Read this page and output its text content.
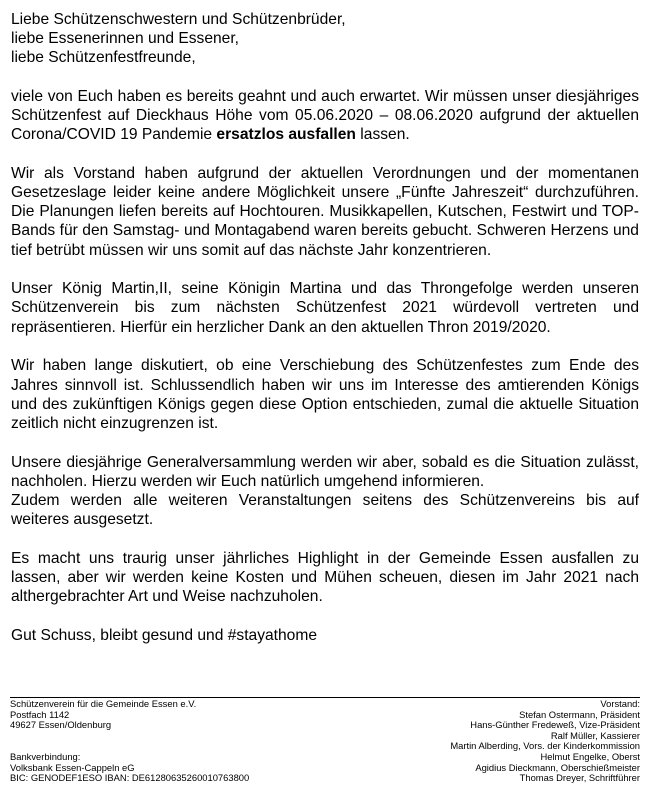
Liebe Schützenschwestern und Schützenbrüder,
liebe Essenerinnen und Essener,
liebe Schützenfestfreunde,

viele von Euch haben es bereits geahnt und auch erwartet. Wir müssen unser diesjähriges Schützenfest auf Dieckhaus Höhe vom 05.06.2020 – 08.06.2020 aufgrund der aktuellen Corona/COVID 19 Pandemie ersatzlos ausfallen lassen.

Wir als Vorstand haben aufgrund der aktuellen Verordnungen und der momentanen Gesetzeslage leider keine andere Möglichkeit unsere „Fünfte Jahreszeit“ durchzuführen. Die Planungen liefen bereits auf Hochtouren. Musikkapellen, Kutschen, Festwirt und TOP-Bands für den Samstag- und Montagabend waren bereits gebucht. Schweren Herzens und tief betrübt müssen wir uns somit auf das nächste Jahr konzentrieren.

Unser König Martin,II, seine Königin Martina und das Throngefolge werden unseren Schützenverein bis zum nächsten Schützenfest 2021 würdevoll vertreten und repräsentieren. Hierfür ein herzlicher Dank an den aktuellen Thron 2019/2020.

Wir haben lange diskutiert, ob eine Verschiebung des Schützenfestes zum Ende des Jahres sinnvoll ist. Schlussendlich haben wir uns im Interesse des amtierenden Königs und des zukünftigen Königs gegen diese Option entschieden, zumal die aktuelle Situation zeitlich nicht einzugrenzen ist.

Unsere diesjährige Generalversammlung werden wir aber, sobald es die Situation zulässt, nachholen. Hierzu werden wir Euch natürlich umgehend informieren.
Zudem werden alle weiteren Veranstaltungen seitens des Schützenvereins bis auf weiteres ausgesetzt.

Es macht uns traurig unser jährliches Highlight in der Gemeinde Essen ausfallen zu lassen, aber wir werden keine Kosten und Mühen scheuen, diesen im Jahr 2021 nach althergebrachter Art und Weise nachzuholen.

Gut Schuss, bleibt gesund und #stayathome

Schützenverein für die Gemeinde Essen e.V.
Postfach 1142
49627 Essen/Oldenburg
Bankverbindung:
Volksbank Essen-Cappeln eG
BIC: GENODEF1ESO IBAN: DE61280635260010763800
Vorstand:
Stefan Ostermann, Präsident
Hans-Günther Fredeweß, Vize-Präsident
Ralf Müller, Kassierer
Martin Alberding, Vors. der Kinderkommission
Helmut Engelke, Oberst
Agidius Dieckmann, Oberschießmeister
Thomas Dreyer, Schriftführer
